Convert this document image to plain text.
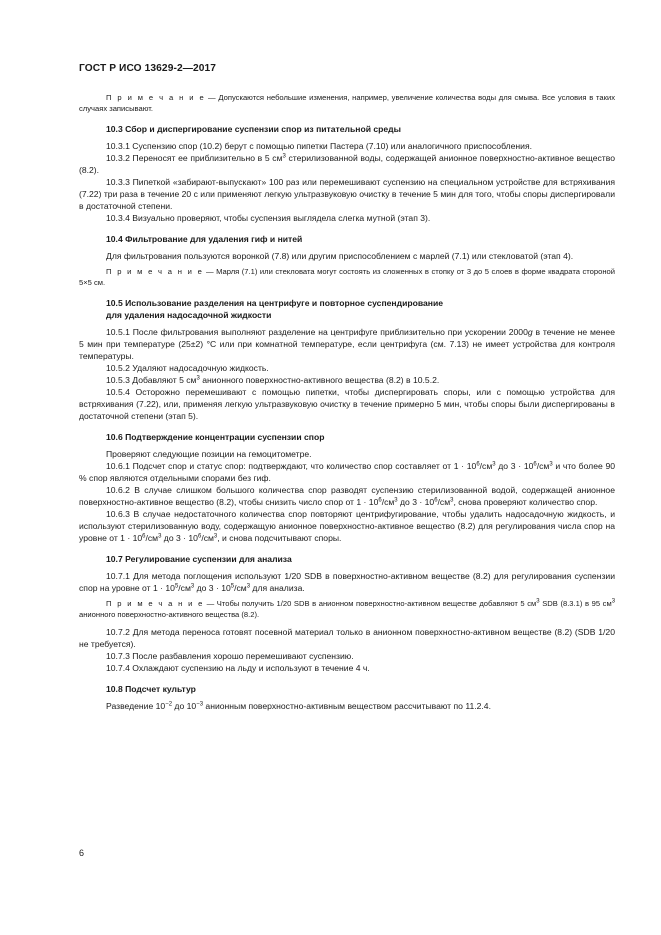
ГОСТ Р ИСО 13629-2—2017

П р и м е ч а н и е — Допускаются небольшие изменения, например, увеличение количества воды для смыва. Все условия в таких случаях записывают.

10.3 Сбор и диспергирование суспензии спор из питательной среды

10.3.1 Суспензию спор (10.2) берут с помощью пипетки Пастера (7.10) или аналогичного приспособления.

10.3.2 Переносят ее приблизительно в 5 $см^3$ стерилизованной воды, содержащей анионное поверхностно-активное вещество (8.2).

10.3.3 Пипеткой «забирают-выпускают» 100 раз или перемешивают суспензию на специальном устройстве для встряхивания (7.22) три раза в течение 20 с или применяют легкую ультразвуковую очистку в течение 5 мин для того, чтобы споры диспергировали в достаточной степени.

10.3.4 Визуально проверяют, чтобы суспензия выглядела слегка мутной (этап 3).

10.4 Фильтрование для удаления гиф и нитей

Для фильтрования пользуются воронкой (7.8) или другим приспособлением с марлей (7.1) или стекловатой (этап 4).

П р и м е ч а н и е — Марля (7.1) или стекловата могут состоять из сложенных в стопку от 3 до 5 слоев в форме квадрата стороной 5×5 см.

10.5 Использование разделения на центрифуге и повторное суспендирование

для удаления надосадочной жидкости

10.5.1 После фильтрования выполняют разделение на центрифуге приблизительно при ускорении 2000g в течение не менее 5 мин при температуре (25±2) °C или при комнатной температуре, если центрифуга (см. 7.13) не имеет устройства для контроля температуры.

10.5.2 Удаляют надосадочную жидкость.

10.5.3 Добавляют 5 $см^3$ анионного поверхностно-активного вещества (8.2) в 10.5.2.

10.5.4 Осторожно перемешивают с помощью пипетки, чтобы диспергировать споры, или с помощью устройства для встряхивания (7.22), или, применяя легкую ультразвуковую очистку в течение примерно 5 мин, чтобы споры были диспергированы в достаточной степени (этап 5).

10.6 Подтверждение концентрации суспензии спор

Проверяют следующие позиции на гемоцитометре.

10.6.1 Подсчет спор и статус спор: подтверждают, что количество спор составляет от $1 \cdot 10^6/см^3$ до $3 \cdot 10^6/см^3$ и что более 90 % спор являются отдельными спорами без гиф.

10.6.2 В случае слишком большого количества спор разводят суспензию стерилизованной водой, содержащей анионное поверхностно-активное вещество (8.2), чтобы снизить число спор от $1 \cdot 10^6/см^3$ до $3 \cdot 10^6/см^3$, снова проверяют количество спор.

10.6.3 В случае недостаточного количества спор повторяют центрифугирование, чтобы удалить надосадочную жидкость, и используют стерилизованную воду, содержащую анионное поверхностно-активное вещество (8.2) для регулирования числа спор на уровне от $1 \cdot 10^6/см^3$ до $3 \cdot 10^6/см^3$, и снова подсчитывают споры.

10.7 Регулирование суспензии для анализа

10.7.1 Для метода поглощения используют 1/20 SDB в поверхностно-активном веществе (8.2) для регулирования суспензии спор на уровне от $1 \cdot 10^5/см^3$ до $3 \cdot 10^5/см^3$ для анализа.

П р и м е ч а н и е — Чтобы получить 1/20 SDB в анионном поверхностно-активном веществе добавляют 5 $см^3$ SDB (8.3.1) в 95 $см^3$ анионного поверхностно-активного вещества (8.2).

10.7.2 Для метода переноса готовят посевной материал только в анионном поверхностно-активном веществе (8.2) (SDB 1/20 не требуется).

10.7.3 После разбавления хорошо перемешивают суспензию.

10.7.4 Охлаждают суспензию на льду и используют в течение 4 ч.

10.8 Подсчет культур

Разведение $10^{-2}$ до $10^{-3}$ анионным поверхностно-активным веществом рассчитывают по 11.2.4.

6
